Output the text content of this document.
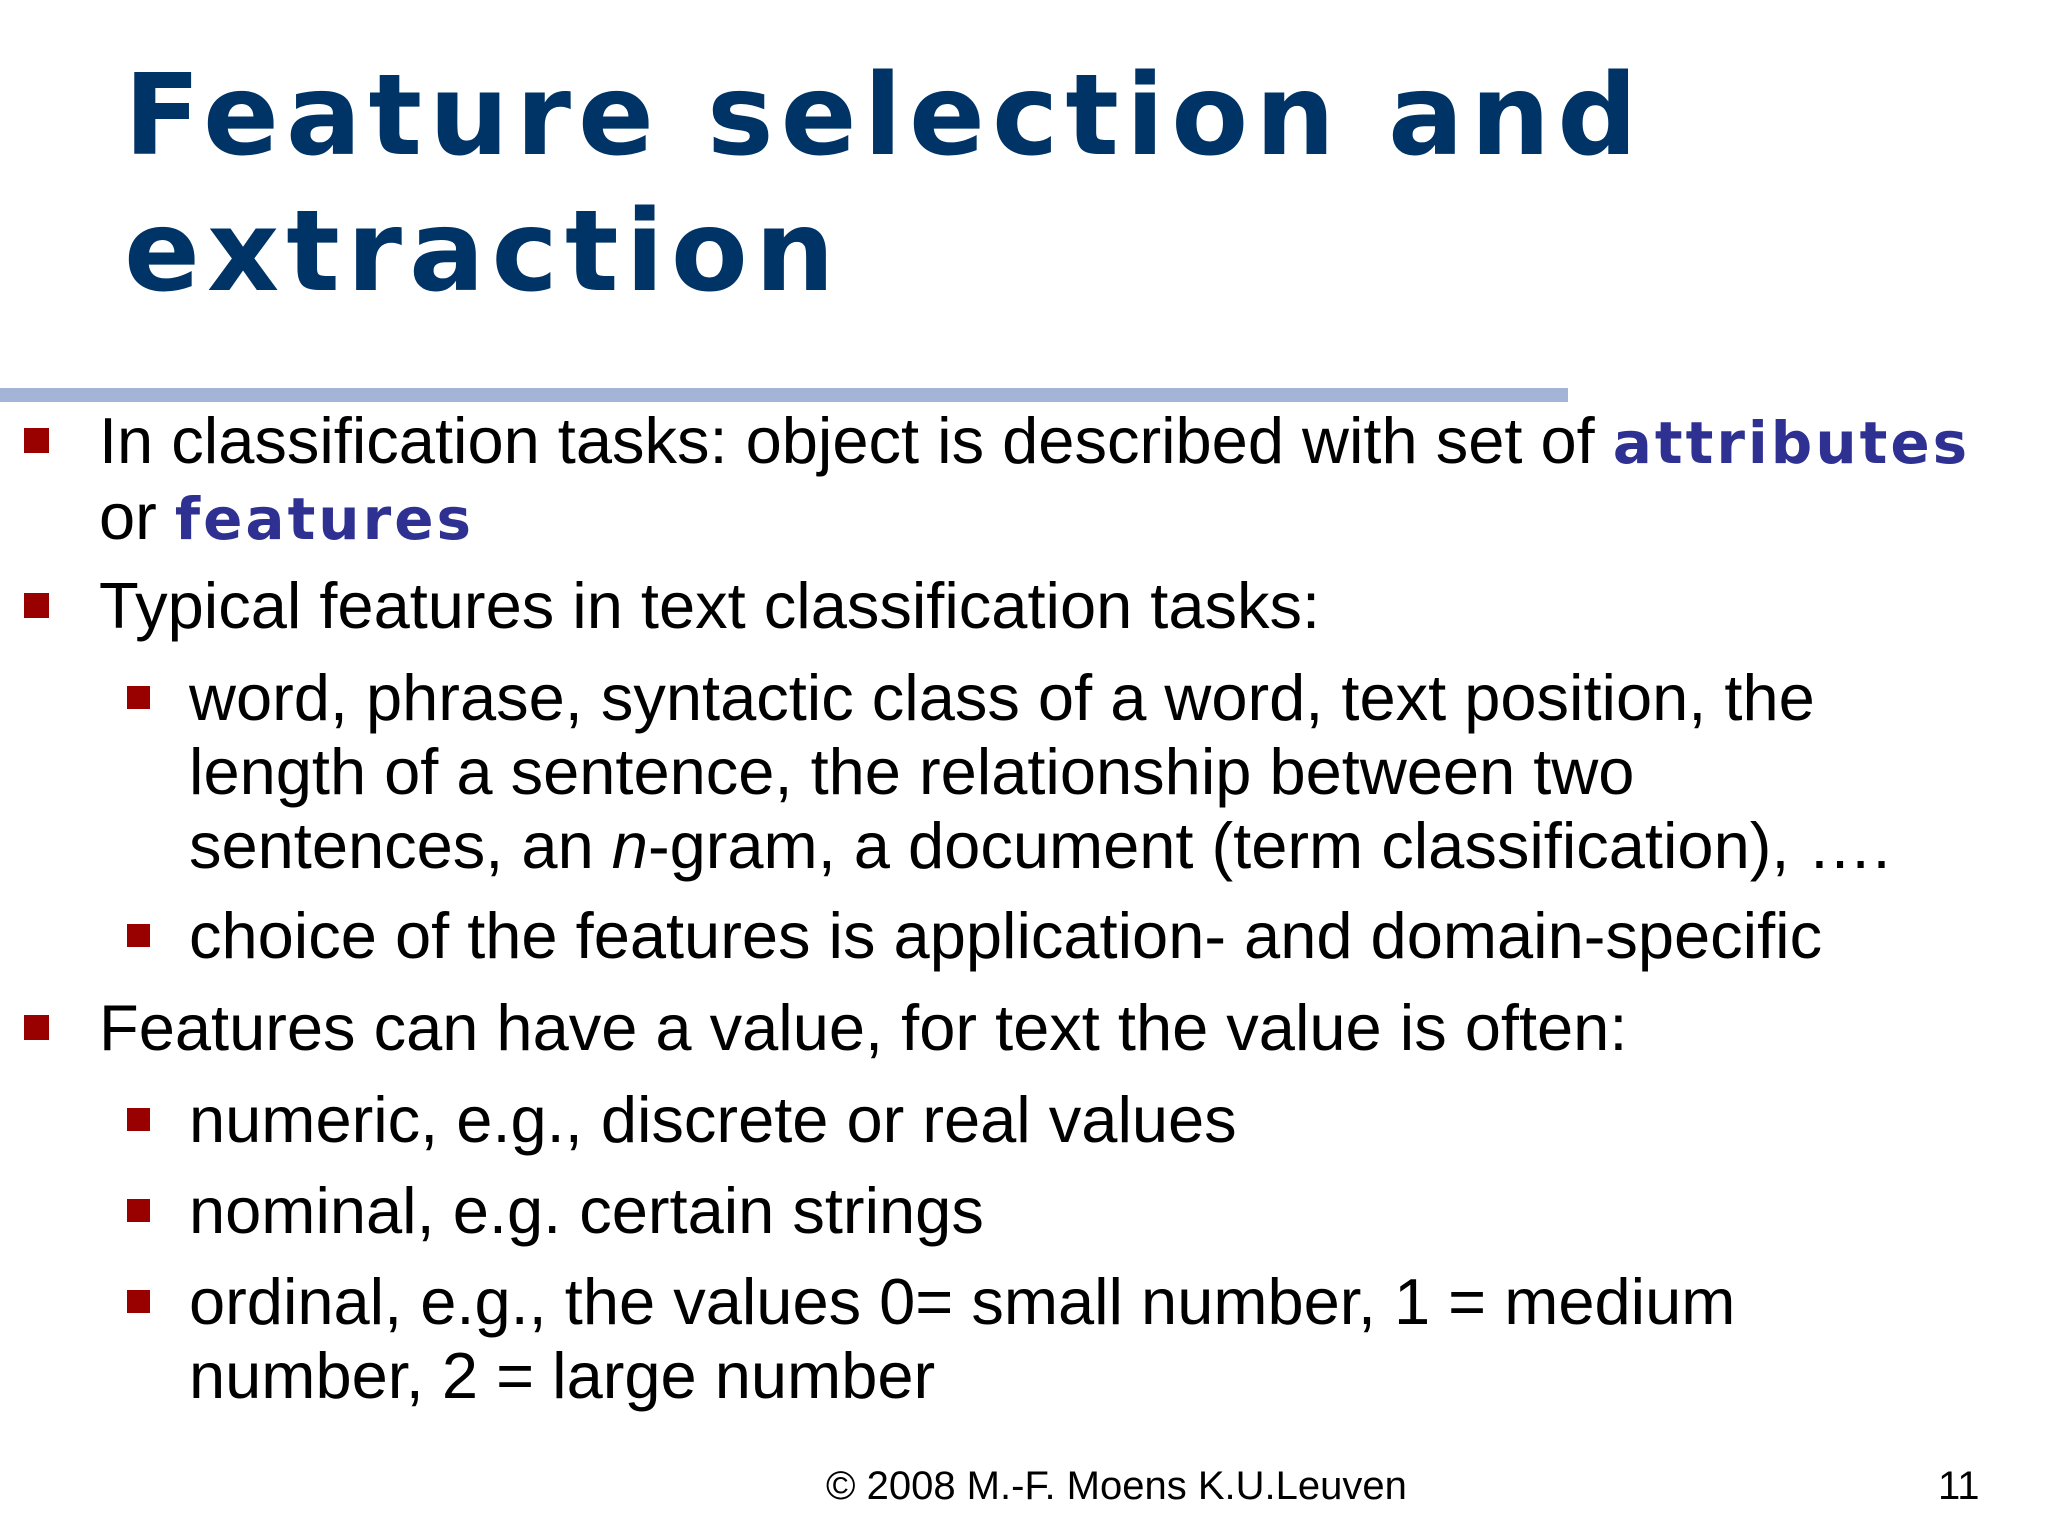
Feature selection and
extraction
In classification tasks: object is described with set of attributes
or features
Typical features in text classification tasks:
word, phrase, syntactic class of a word, text position, the
length of a sentence, the relationship between two
sentences, an n-gram, a document (term classification), ….
choice of the features is application- and domain-specific
Features can have a value, for text the value is often:
numeric, e.g., discrete or real values
nominal, e.g. certain strings
ordinal, e.g., the values 0= small number, 1 = medium
number, 2 = large number
© 2008 M.-F. Moens K.U.Leuven	11
